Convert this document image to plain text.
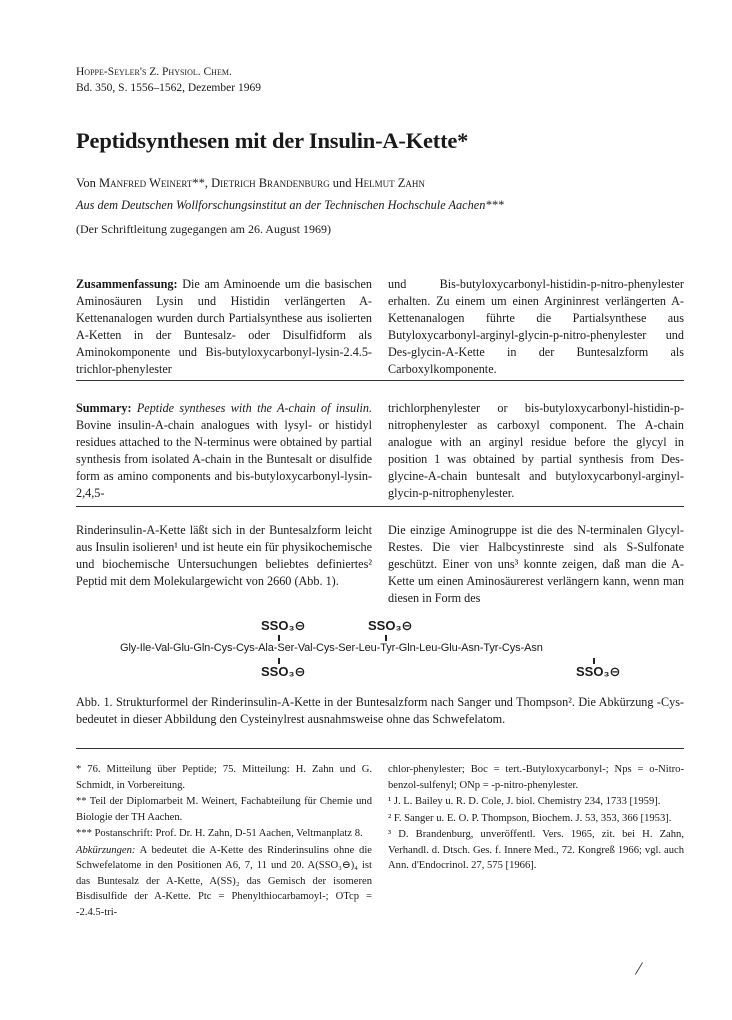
Hoppe-Seyler's Z. Physiol. Chem.
Bd. 350, S. 1556–1562, Dezember 1969
Peptidsynthesen mit der Insulin-A-Kette*
Von Manfred Weinert**, Dietrich Brandenburg und Helmut Zahn
Aus dem Deutschen Wollforschungsinstitut an der Technischen Hochschule Aachen***
(Der Schriftleitung zugegangen am 26. August 1969)
Zusammenfassung: Die am Aminoende um die basischen Aminosäuren Lysin und Histidin verlängerten A-Kettenanalogen wurden durch Partialsynthese aus isolierten A-Ketten in der Buntesalz- oder Disulfidform als Aminokomponente und Bis-butyloxycarbonyl-lysin-2.4.5-trichlor-phenylester
und Bis-butyloxycarbonyl-histidin-p-nitro-phenylester erhalten. Zu einem um einen Argininrest verlängerten A-Kettenanalogen führte die Partialsynthese aus Butyloxycarbonyl-arginyl-glycin-p-nitro-phenylester und Des-glycin-A-Kette in der Buntesalzform als Carboxylkomponente.
Summary: Peptide syntheses with the A-chain of insulin. Bovine insulin-A-chain analogues with lysyl- or histidyl residues attached to the N-terminus were obtained by partial synthesis from isolated A-chain in the Buntesalt or disulfide form as amino components and bis-butyloxycarbonyl-lysin-2,4,5-
trichlorphenylester or bis-butyloxycarbonyl-histidin-p-nitrophenylester as carboxyl component. The A-chain analogue with an arginyl residue before the glycyl in position 1 was obtained by partial synthesis from Des-glycine-A-chain buntesalt and butyloxycarbonyl-arginyl-glycin-p-nitrophenylester.
Rinderinsulin-A-Kette läßt sich in der Buntesalzform leicht aus Insulin isolieren¹ und ist heute ein für physikochemische und biochemische Untersuchungen beliebtes definiertes² Peptid mit dem Molekulargewicht von 2660 (Abb. 1).
Die einzige Aminogruppe ist die des N-terminalen Glycyl-Restes. Die vier Halbcystinreste sind als S-Sulfonate geschützt. Einer von uns³ konnte zeigen, daß man die A-Kette um einen Aminosäurerest verlängern kann, wenn man diesen in Form des
SSO₃⊖	SSO₃⊖
Gly-Ile-Val-Glu-Gln-Cys-Cys-Ala-Ser-Val-Cys-Ser-Leu-Tyr-Gln-Leu-Glu-Asn-Tyr-Cys-Asn
SSO₃⊖	SSO₃⊖
Abb. 1. Strukturformel der Rinderinsulin-A-Kette in der Buntesalzform nach Sanger und Thompson². Die Abkürzung -Cys- bedeutet in dieser Abbildung den Cysteinylrest ausnahmsweise ohne das Schwefelatom.

* 76. Mitteilung über Peptide; 75. Mitteilung: H. Zahn und G. Schmidt, in Vorbereitung.

** Teil der Diplomarbeit M. Weinert, Fachabteilung für Chemie und Biologie der TH Aachen.

*** Postanschrift: Prof. Dr. H. Zahn, D-51 Aachen, Veltmanplatz 8.

Abkürzungen: A bedeutet die A-Kette des Rinderinsulins ohne die Schwefelatome in den Positionen A6, 7, 11 und 20. A(SSO₃⊖)₄ ist das Buntesalz der A-Kette, A(SS)₂ das Gemisch der isomeren Bisdisulfide der A-Kette. Ptc = Phenylthiocarbamoyl-; OTcp = -2.4.5-tri-

chlor-phenylester; Boc = tert.-Butyloxycarbonyl-; Nps = o-Nitro-benzol-sulfenyl; ONp = -p-nitro-phenylester.

¹ J. L. Bailey u. R. D. Cole, J. biol. Chemistry 234, 1733 [1959].

² F. Sanger u. E. O. P. Thompson, Biochem. J. 53, 353, 366 [1953].

³ D. Brandenburg, unveröffentl. Vers. 1965, zit. bei H. Zahn, Verhandl. d. Dtsch. Ges. f. Innere Med., 72. Kongreß 1966; vgl. auch Ann. d'Endocrinol. 27, 575 [1966].

/
